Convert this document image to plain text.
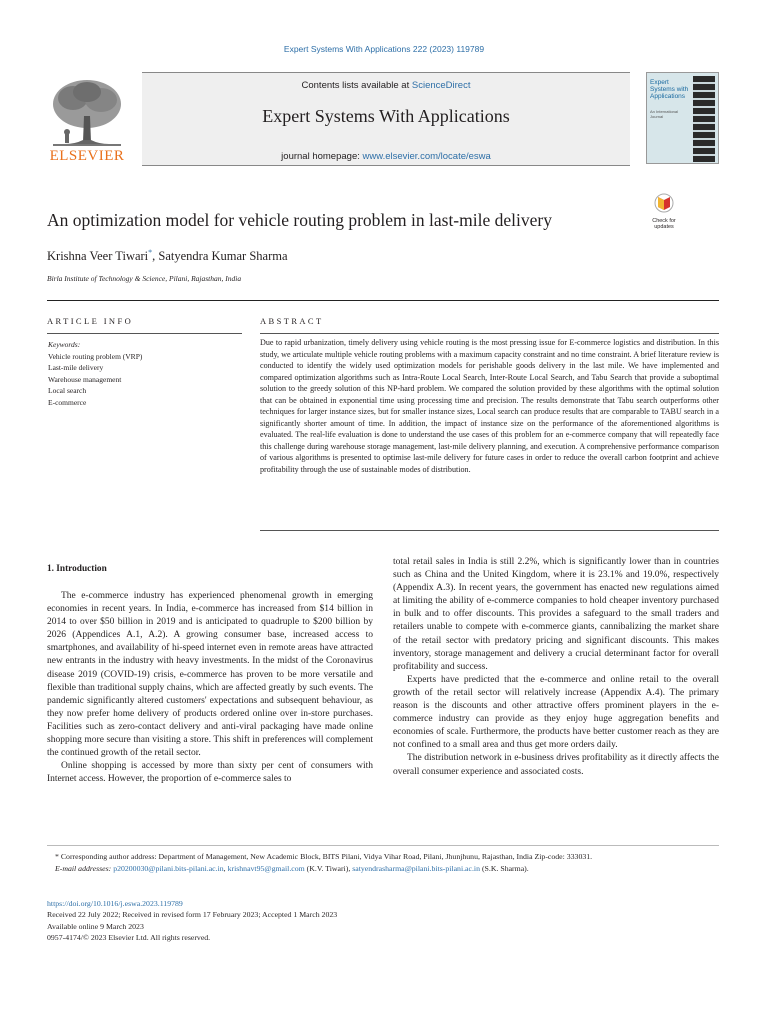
Expert Systems With Applications 222 (2023) 119789
ELSEVIER
Contents lists available at ScienceDirect
Expert Systems With Applications
journal homepage: www.elsevier.com/locate/eswa
Expert Systems with Applications
An International Journal
An optimization model for vehicle routing problem in last-mile delivery	Check for updates
Krishna Veer Tiwari*, Satyendra Kumar Sharma
Birla Institute of Technology & Science, Pilani, Rajasthan, India
ARTICLE INFO	ABSTRACT
Keywords:
Vehicle routing problem (VRP)
Last-mile delivery
Warehouse management
Local search
E-commerce
Due to rapid urbanization, timely delivery using vehicle routing is the most pressing issue for E-commerce logistics and distribution. In this study, we articulate multiple vehicle routing problems with a maximum capacity constraint and no time constraint. A brief literature review is conducted to identify the widely used optimization models for perishable goods delivery in the last mile. We have implemented and compared optimization algorithms such as Intra-Route Local Search, Inter-Route Local Search, and Tabu Search that provide a suboptimal solution to the greedy solution of this NP-hard problem. We compared the solution provided by these algorithms with the optimal solution that can be obtained in exponential time using processing time and precision. The results demonstrate that Tabu search outperforms other techniques for larger instance sizes, but for smaller instance sizes, Local search can produce results that are comparable to TABU search in a significantly shorter amount of time. In addition, the impact of instance size on the performance of the aforementioned algorithms is evaluated. The real-life evaluation is done to understand the use cases of this problem for an e-commerce company that will repeatedly face this challenge during warehouse storage management, last-mile delivery planning, and execution. A comprehensive performance comparison of various algorithms is presented to optimise last-mile delivery for future cases in order to reduce the overall carbon footprint and achieve profitability through the use of sustainable modes of distribution.
1. Introduction

The e-commerce industry has experienced phenomenal growth in emerging economies in recent years. In India, e-commerce has increased from $14 billion in 2014 to over $50 billion in 2019 and is anticipated to quadruple to $200 billion by 2026 (Appendices A.1, A.2). A growing consumer base, increased access to smartphones, and availability of hi-speed internet even in remote areas have attracted new entrants in the industry with heavy investments. In the midst of the Coronavirus disease 2019 (COVID-19) crisis, e-commerce has proven to be more versatile and flexible than traditional supply chains, which are affected greatly by such events. The pandemic significantly altered customers' expectations and subsequent behaviour, as they now prefer home delivery of products ordered online over in-store purchases. Facilities such as zero-contact delivery and anti-viral packaging have made online shopping more secure than visiting a store. This shift in preferences will complement the continued growth of the retail sector.

Online shopping is accessed by more than sixty per cent of consumers with Internet access. However, the proportion of e-commerce sales to

total retail sales in India is still 2.2%, which is significantly lower than in countries such as China and the United Kingdom, where it is 23.1% and 19.0%, respectively (Appendix A.3). In recent years, the government has enacted new regulations aimed at limiting the ability of e-commerce companies to hold cheaper inventory purchased in bulk and to offer discounts. This provides a safeguard to the small traders and retailers unable to compete with e-commerce giants, cannibalizing the market share of the retail sector with predatory pricing and significant discounts. This makes inventory, storage management and delivery a crucial determinant factor for overall profitability and success.

Experts have predicted that the e-commerce and online retail to the overall growth of the retail sector will relatively increase (Appendix A.4). The primary reason is the discounts and other attractive offers prominent players in the e-commerce industry can provide as they enjoy huge aggregation benefits and economies of scale. Furthermore, the products have better customer reach as they are not confined to a small area and thus get more orders daily.

The distribution network in e-business drives profitability as it directly affects the overall consumer experience and associated costs.

* Corresponding author address: Department of Management, New Academic Block, BITS Pilani, Vidya Vihar Road, Pilani, Jhunjhunu, Rajasthan, India Zip-code: 333031.
E-mail addresses: p20200030@pilani.bits-pilani.ac.in, krishnavt95@gmail.com (K.V. Tiwari), satyendrasharma@pilani.bits-pilani.ac.in (S.K. Sharma).
https://doi.org/10.1016/j.eswa.2023.119789
Received 22 July 2022; Received in revised form 17 February 2023; Accepted 1 March 2023
Available online 9 March 2023
0957-4174/© 2023 Elsevier Ltd. All rights reserved.
